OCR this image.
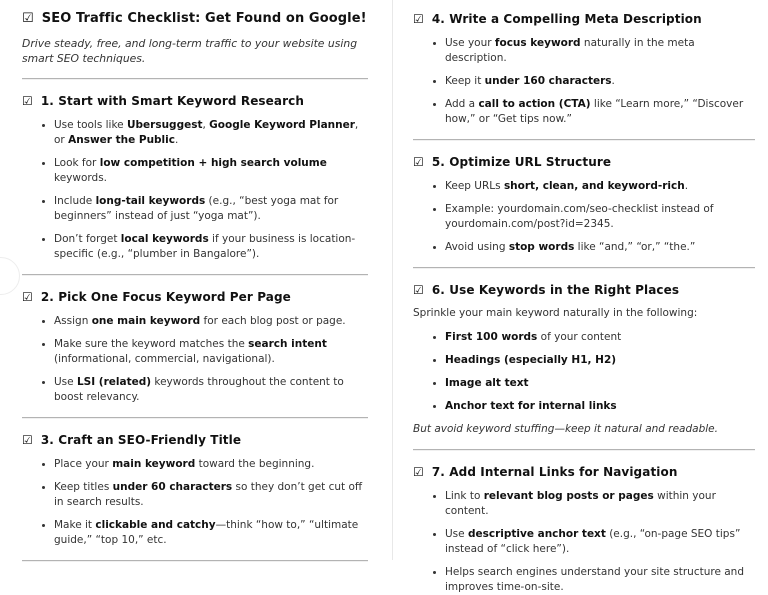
☑ SEO Traffic Checklist: Get Found on Google!

Drive steady, free, and long-term traffic to your website using smart SEO techniques.

☑ 1. Start with Smart Keyword Research
Use tools like Ubersuggest, Google Keyword Planner, or Answer the Public.
Look for low competition + high search volume keywords.
Include long-tail keywords (e.g., “best yoga mat for beginners” instead of just “yoga mat”).
Don’t forget local keywords if your business is location-specific (e.g., “plumber in Bangalore”).
☑ 2. Pick One Focus Keyword Per Page
Assign one main keyword for each blog post or page.
Make sure the keyword matches the search intent (informational, commercial, navigational).
Use LSI (related) keywords throughout the content to boost relevancy.
☑ 3. Craft an SEO-Friendly Title
Place your main keyword toward the beginning.
Keep titles under 60 characters so they don’t get cut off in search results.
Make it clickable and catchy—think “how to,” “ultimate guide,” “top 10,” etc.
☑ 4. Write a Compelling Meta Description
Use your focus keyword naturally in the meta description.
Keep it under 160 characters.
Add a call to action (CTA) like “Learn more,” “Discover how,” or “Get tips now.”
☑ 5. Optimize URL Structure
Keep URLs short, clean, and keyword-rich.
Example: yourdomain.com/seo-checklist instead of yourdomain.com/post?id=2345.
Avoid using stop words like “and,” “or,” “the.”
☑ 6. Use Keywords in the Right Places

Sprinkle your main keyword naturally in the following:

First 100 words of your content
Headings (especially H1, H2)
Image alt text
Anchor text for internal links

But avoid keyword stuffing—keep it natural and readable.

☑ 7. Add Internal Links for Navigation
Link to relevant blog posts or pages within your content.
Use descriptive anchor text (e.g., “on-page SEO tips” instead of “click here”).
Helps search engines understand your site structure and improves time-on-site.
